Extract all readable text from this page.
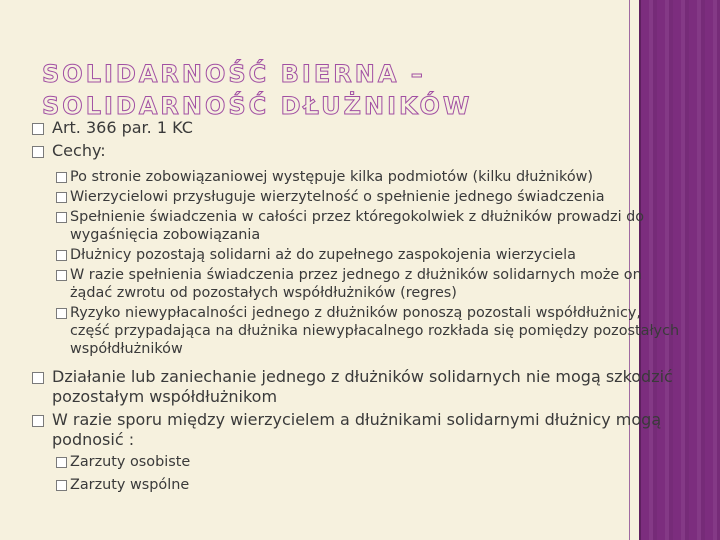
SOLIDARNOŚĆ BIERNA – SOLIDARNOŚĆ DŁUŻNIKÓW
Art. 366 par. 1 KC
Cechy:
Po stronie zobowiązaniowej występuje kilka podmiotów (kilku dłużników)
Wierzycielowi przysługuje wierzytelność o spełnienie jednego świadczenia
Spełnienie świadczenia w całości przez któregokolwiek z dłużników prowadzi do wygaśnięcia zobowiązania
Dłużnicy pozostają solidarni aż do zupełnego zaspokojenia wierzyciela
W razie spełnienia świadczenia przez jednego z dłużników solidarnych może on żądać zwrotu od pozostałych współdłużników (regres)
Ryzyko niewypłacalności jednego z dłużników ponoszą pozostali współdłużnicy, część przypadająca na dłużnika niewypłacalnego rozkłada się pomiędzy pozostałych współdłużników
Działanie lub zaniechanie jednego z dłużników solidarnych nie mogą szkodzić pozostałym współdłużnikom
W razie sporu między wierzycielem a dłużnikami solidarnymi dłużnicy mogą podnosić :
Zarzuty osobiste
Zarzuty wspólne
